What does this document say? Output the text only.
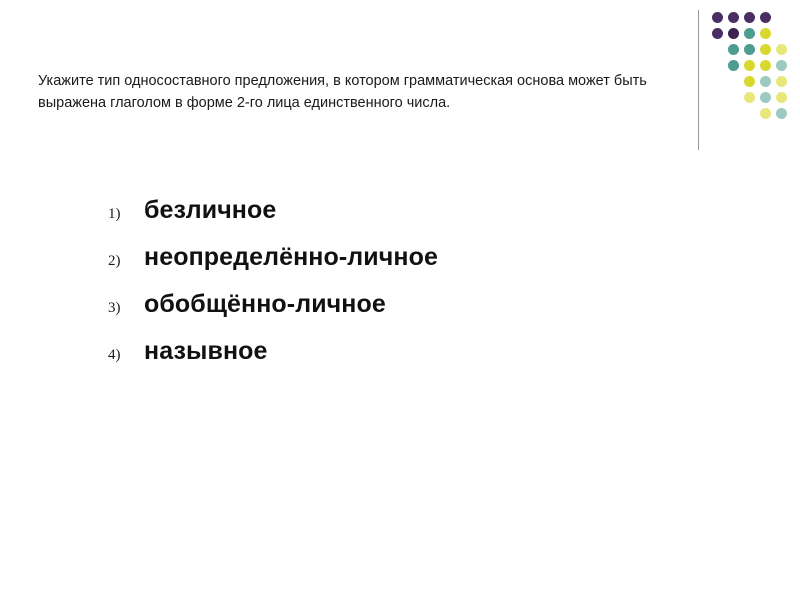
Укажите тип односоставного предложения, в котором грамматическая основа может быть выражена глаголом в форме 2-го лица единственного числа.
1) безличное
2) неопределённо-личное
3) обобщённо-личное
4) назывное
